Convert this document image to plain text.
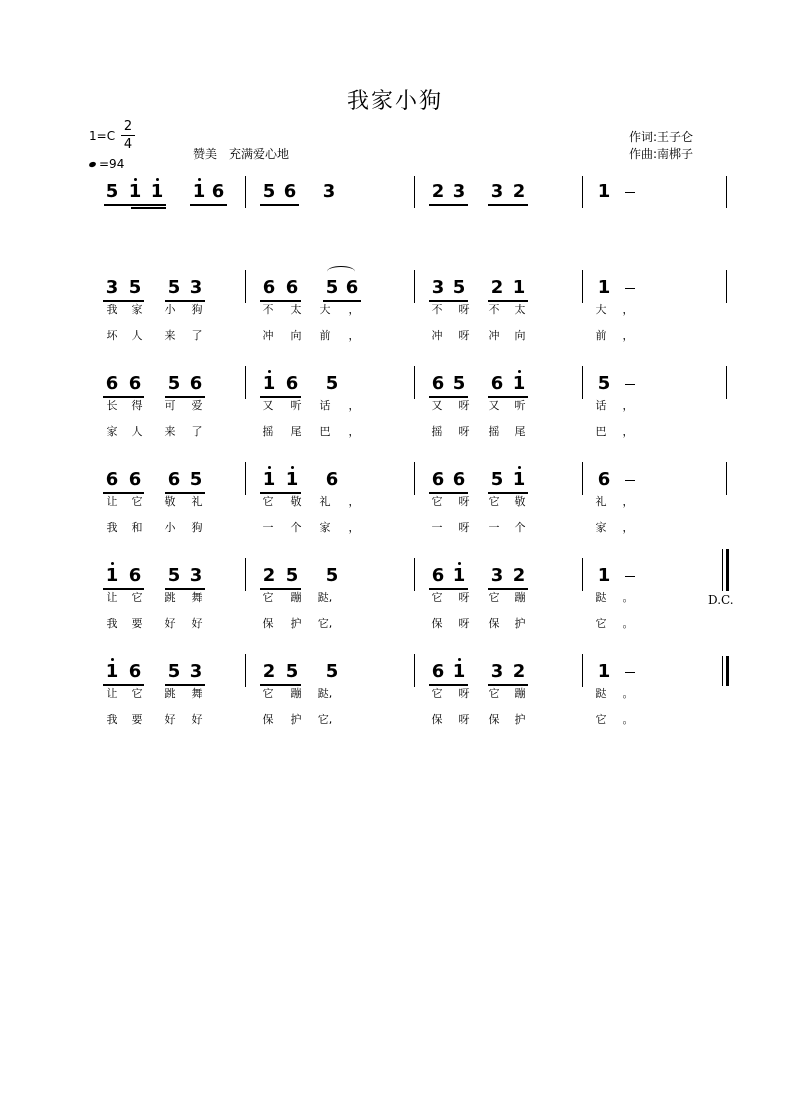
我家小狗
1=C
2
4
=94
赞美　充满爱心地
作词:王子仑
作曲:南梆子
5 1 1 1 6 5 6 3	2 3 3 2	1
3 5 5 3	6 6 5 6	3 5 2 1	1
我	家	小	狗	不	太	大	，	不	呀	不	太	大	，
坏	人	来	了	冲	向	前	，	冲	呀	冲	向	前	，
6 6 5 6	1 6 5	6 5 6 1	5
长	得	可	爱	又	听	话	，	又	呀	又	听	话	，
家	人	来	了	摇	尾	巴	，	摇	呀	摇	尾	巴	，
6 6 6 5	1 1 6	6 6 5 1	6
让	它	敬	礼	它	敬	礼	，	它	呀	它	敬	礼	，
我	和	小	狗	一	个	家	，	一	呀	一	个	家	，
1 6 5 3	2 5 5	6 1 3 2	1
让	它	跳	舞	它	蹦	跶,	它	呀	它	蹦	跶	。
我	要	好	好	保	护	它,	保	呀	保	护	它	。
1 6 5 3	2 5 5	6 1 3 2	1
让	它	跳	舞	它	蹦	跶,	它	呀	它	蹦	跶	。
我	要	好	好	保	护	它,	保	呀	保	护	它	。
D.C.
